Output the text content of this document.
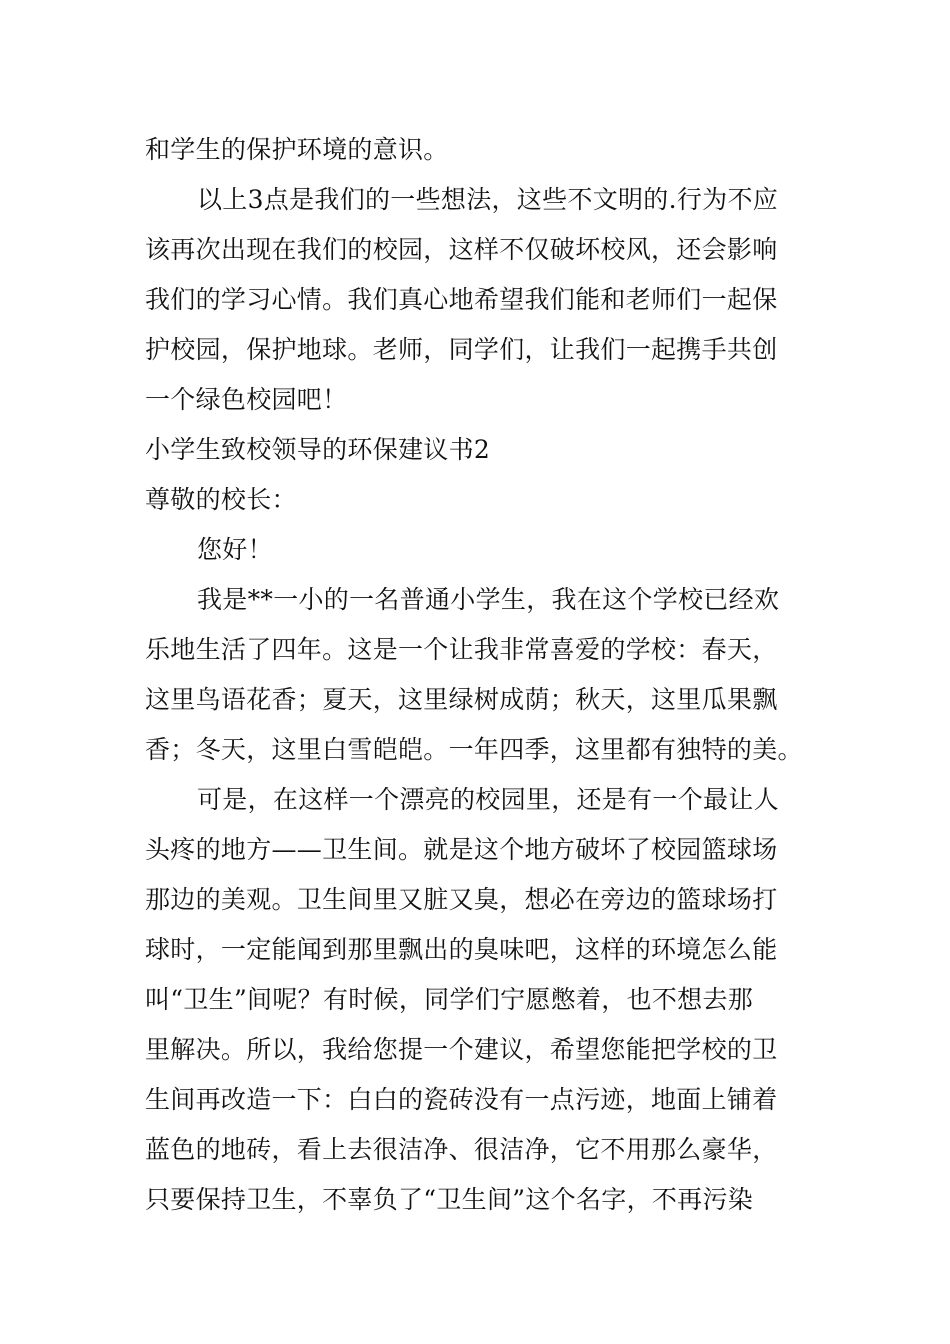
和学生的保护环境的意识。
以上3点是我们的一些想法，这些不文明的.行为不应
该再次出现在我们的校园，这样不仅破坏校风，还会影响
我们的学习心情。我们真心地希望我们能和老师们一起保
护校园，保护地球。老师，同学们，让我们一起携手共创
一个绿色校园吧！
小学生致校领导的环保建议书2
尊敬的校长：
您好！
我是**一小的一名普通小学生，我在这个学校已经欢
乐地生活了四年。这是一个让我非常喜爱的学校：春天，
这里鸟语花香；夏天，这里绿树成荫；秋天，这里瓜果飘
香；冬天，这里白雪皑皑。一年四季，这里都有独特的美。
可是，在这样一个漂亮的校园里，还是有一个最让人
头疼的地方——卫生间。就是这个地方破坏了校园篮球场
那边的美观。卫生间里又脏又臭，想必在旁边的篮球场打
球时，一定能闻到那里飘出的臭味吧，这样的环境怎么能
叫“卫生”间呢？有时候，同学们宁愿憋着，也不想去那
里解决。所以，我给您提一个建议，希望您能把学校的卫
生间再改造一下：白白的瓷砖没有一点污迹，地面上铺着
蓝色的地砖，看上去很洁净、很洁净，它不用那么豪华，
只要保持卫生，不辜负了“卫生间”这个名字，不再污染
